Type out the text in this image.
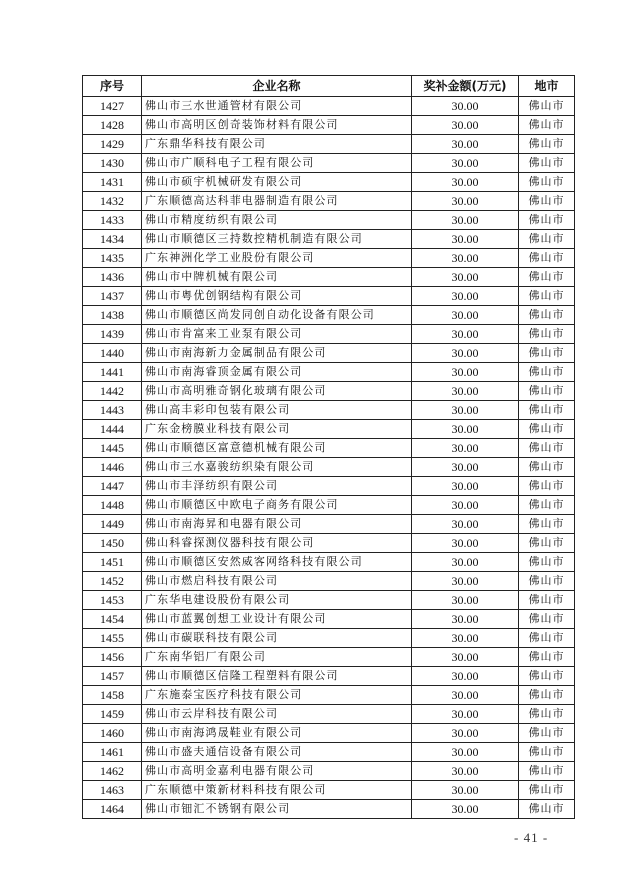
序号	企业名称	奖补金额(万元)	地市
1427	佛山市三水世通管材有限公司	30.00	佛山市
1428	佛山市高明区创奇装饰材料有限公司	30.00	佛山市
1429	广东鼎华科技有限公司	30.00	佛山市
1430	佛山市广顺科电子工程有限公司	30.00	佛山市
1431	佛山市硕宇机械研发有限公司	30.00	佛山市
1432	广东顺德高达科菲电器制造有限公司	30.00	佛山市
1433	佛山市精度纺织有限公司	30.00	佛山市
1434	佛山市顺德区三持数控精机制造有限公司	30.00	佛山市
1435	广东神洲化学工业股份有限公司	30.00	佛山市
1436	佛山市中牌机械有限公司	30.00	佛山市
1437	佛山市粤优创钢结构有限公司	30.00	佛山市
1438	佛山市顺德区尚发同创自动化设备有限公司	30.00	佛山市
1439	佛山市肯富来工业泵有限公司	30.00	佛山市
1440	佛山市南海新力金属制品有限公司	30.00	佛山市
1441	佛山市南海睿顶金属有限公司	30.00	佛山市
1442	佛山市高明雅奇钢化玻璃有限公司	30.00	佛山市
1443	佛山高丰彩印包装有限公司	30.00	佛山市
1444	广东金榜膜业科技有限公司	30.00	佛山市
1445	佛山市顺德区富意德机械有限公司	30.00	佛山市
1446	佛山市三水嘉骏纺织染有限公司	30.00	佛山市
1447	佛山市丰泽纺织有限公司	30.00	佛山市
1448	佛山市顺德区中欧电子商务有限公司	30.00	佛山市
1449	佛山市南海昇和电器有限公司	30.00	佛山市
1450	佛山科睿探测仪器科技有限公司	30.00	佛山市
1451	佛山市顺德区安然威客网络科技有限公司	30.00	佛山市
1452	佛山市燃启科技有限公司	30.00	佛山市
1453	广东华电建设股份有限公司	30.00	佛山市
1454	佛山市蓝翼创想工业设计有限公司	30.00	佛山市
1455	佛山市碳联科技有限公司	30.00	佛山市
1456	广东南华铝厂有限公司	30.00	佛山市
1457	佛山市顺德区信隆工程塑料有限公司	30.00	佛山市
1458	广东施泰宝医疗科技有限公司	30.00	佛山市
1459	佛山市云岸科技有限公司	30.00	佛山市
1460	佛山市南海鸿晟鞋业有限公司	30.00	佛山市
1461	佛山市盛夫通信设备有限公司	30.00	佛山市
1462	佛山市高明金嘉利电器有限公司	30.00	佛山市
1463	广东顺德中策新材料科技有限公司	30.00	佛山市
1464	佛山市钿汇不锈钢有限公司	30.00	佛山市
- 41 -
